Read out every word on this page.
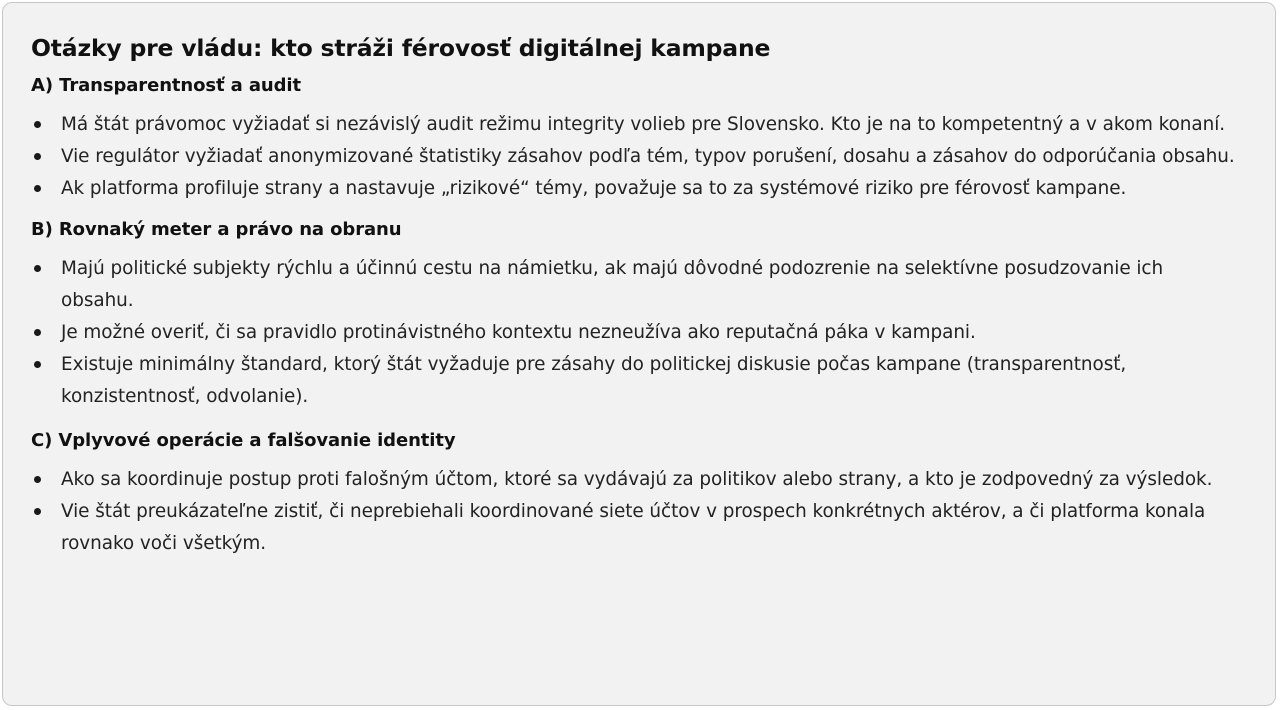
Otázky pre vládu: kto stráži férovosť digitálnej kampane
A) Transparentnosť a audit
Má štát právomoc vyžiadať si nezávislý audit režimu integrity volieb pre Slovensko. Kto je na to kompetentný a v akom konaní.
Vie regulátor vyžiadať anonymizované štatistiky zásahov podľa tém, typov porušení, dosahu a zásahov do odporúčania obsahu.
Ak platforma profiluje strany a nastavuje „rizikové“ témy, považuje sa to za systémové riziko pre férovosť kampane.
B) Rovnaký meter a právo na obranu
Majú politické subjekty rýchlu a účinnú cestu na námietku, ak majú dôvodné podozrenie na selektívne posudzovanie ich obsahu.
Je možné overiť, či sa pravidlo protinávistného kontextu nezneužíva ako reputačná páka v kampani.
Existuje minimálny štandard, ktorý štát vyžaduje pre zásahy do politickej diskusie počas kampane (transparentnosť, konzistentnosť, odvolanie).
C) Vplyvové operácie a falšovanie identity
Ako sa koordinuje postup proti falošným účtom, ktoré sa vydávajú za politikov alebo strany, a kto je zodpovedný za výsledok.
Vie štát preukázateľne zistiť, či neprebiehali koordinované siete účtov v prospech konkrétnych aktérov, a či platforma konala rovnako voči všetkým.
